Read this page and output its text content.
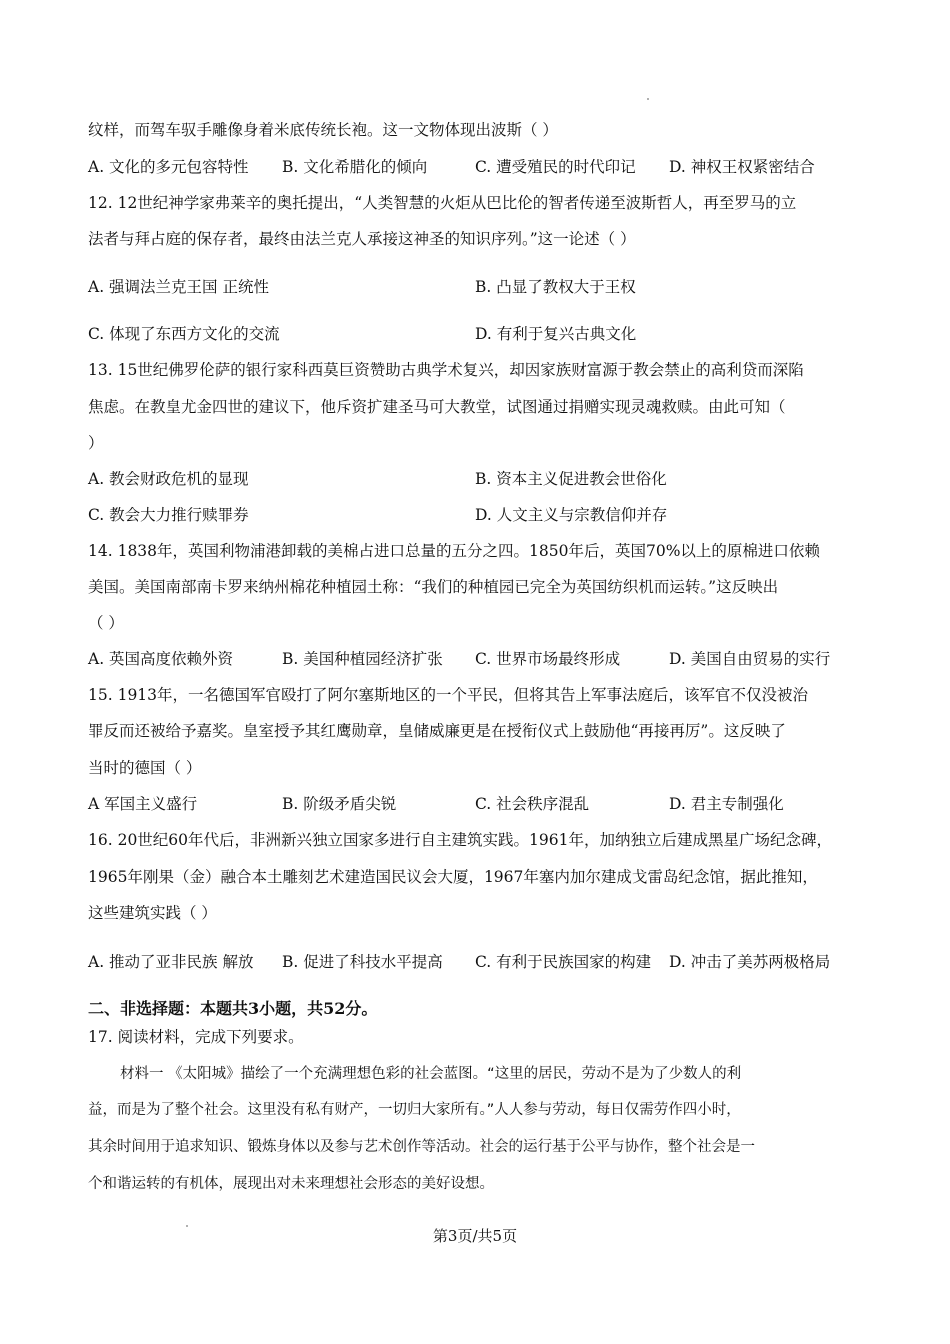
纹样，而驾车驭手雕像身着米底传统长袍。这一文物体现出波斯（ ）
A. 文化的多元包容特性 B. 文化希腊化的倾向	C. 遭受殖民的时代印记 D. 神权王权紧密结合
12. 12世纪神学家弗莱辛的奥托提出，“人类智慧的火炬从巴比伦的智者传递至波斯哲人，再至罗马的立
法者与拜占庭的保存者，最终由法兰克人承接这神圣的知识序列。”这一论述（ ）
A. 强调法兰克王国 正统性	B. 凸显了教权大于王权
C. 体现了东西方文化的交流	D. 有利于复兴古典文化
13. 15世纪佛罗伦萨的银行家科西莫巨资赞助古典学术复兴，却因家族财富源于教会禁止的高利贷而深陷
焦虑。在教皇尤金四世的建议下，他斥资扩建圣马可大教堂，试图通过捐赠实现灵魂救赎。由此可知（
）
A. 教会财政危机的显现	B. 资本主义促进教会世俗化
C. 教会大力推行赎罪券	D. 人文主义与宗教信仰并存
14. 1838年，英国利物浦港卸载的美棉占进口总量的五分之四。1850年后，英国70%以上的原棉进口依赖
美国。美国南部南卡罗来纳州棉花种植园土称：“我们的种植园已完全为英国纺织机而运转。”这反映出
（ ）
A. 英国高度依赖外资	B. 美国种植园经济扩张 C. 世界市场最终形成	D. 美国自由贸易的实行
15. 1913年，一名德国军官殴打了阿尔塞斯地区的一个平民，但将其告上军事法庭后，该军官不仅没被治
罪反而还被给予嘉奖。皇室授予其红鹰勋章，皇储威廉更是在授衔仪式上鼓励他“再接再厉”。这反映了
当时的德国（ ）
A 军国主义盛行	B. 阶级矛盾尖锐	C. 社会秩序混乱	D. 君主专制强化
16. 20世纪60年代后，非洲新兴独立国家多进行自主建筑实践。1961年，加纳独立后建成黑星广场纪念碑，
1965年刚果（金）融合本土雕刻艺术建造国民议会大厦，1967年塞内加尔建成戈雷岛纪念馆，据此推知，
这些建筑实践（ ）
A. 推动了亚非民族 解放 B. 促进了科技水平提高 C. 有利于民族国家的构建 D. 冲击了美苏两极格局
二、非选择题：本题共3小题，共52分。
17. 阅读材料，完成下列要求。
材料一 《太阳城》描绘了一个充满理想色彩的社会蓝图。“这里的居民，劳动不是为了少数人的利
益，而是为了整个社会。这里没有私有财产，一切归大家所有。”人人参与劳动，每日仅需劳作四小时，
其余时间用于追求知识、锻炼身体以及参与艺术创作等活动。社会的运行基于公平与协作，整个社会是一
个和谐运转的有机体，展现出对未来理想社会形态的美好设想。
第3页/共5页
